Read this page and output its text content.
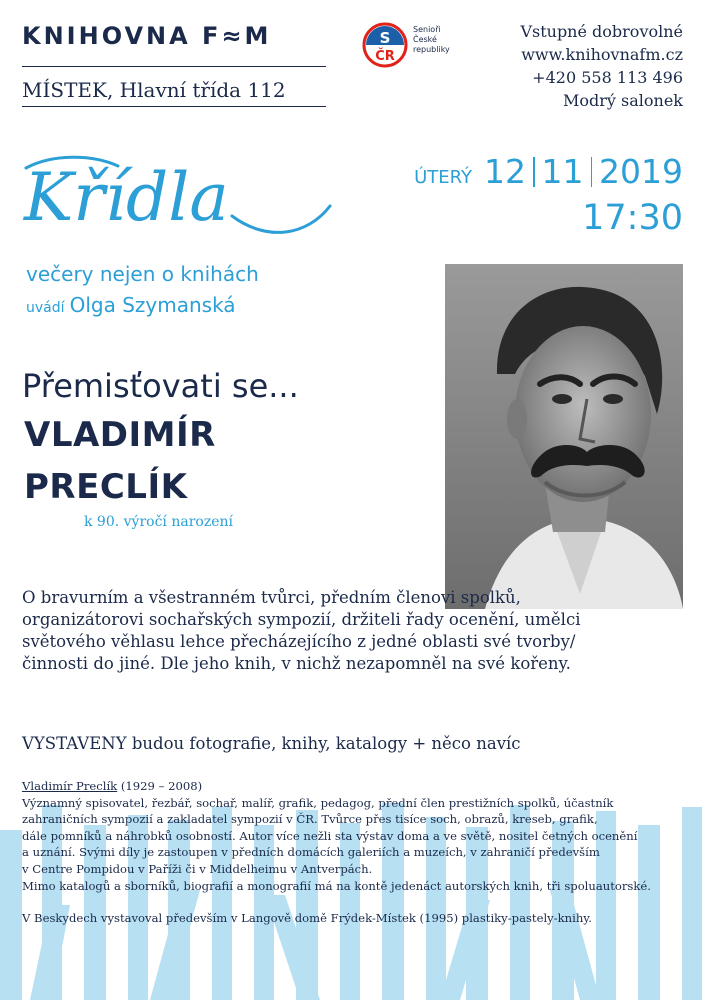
KNIHOVNA F≈M
MÍSTEK, Hlavní třída 112
S
ČR
Senioři
České
republiky
Vstupné dobrovolné
www.knihovnafm.cz
+420 558 113 496
Modrý salonek
Křídla
večery nejen o knihách
uvádí Olga Szymanská
ÚTERÝ 12 11 2019
17:30
Přemisťovati se...
VLADIMÍR
PRECLÍK
k 90. výročí narození
O bravurním a všestranném tvůrci, předním členovi spolků, organizátorovi sochařských sympozií, držiteli řady ocenění, umělci světového věhlasu lehce přecházejícího z jedné oblasti své tvorby/činnosti do jiné. Dle jeho knih, v nichž nezapomněl na své kořeny.
VYSTAVENY budou fotografie, knihy, katalogy + něco navíc

Vladimír Preclík (1929 – 2008)

Významný spisovatel, řezbář, sochař, malíř, grafik, pedagog, přední člen prestižních spolků, účastník

zahraničních sympozií a zakladatel sympozií v ČR. Tvůrce přes tisíce soch, obrazů, kreseb, grafik,

dále pomníků a náhrobků osobností. Autor více nežli sta výstav doma a ve světě, nositel četných ocenění

a uznání. Svými díly je zastoupen v předních domácích galeriích a muzeích, v zahraničí především

v Centre Pompidou v Paříži či v Middelheimu v Antverpách.

Mimo katalogů a sborníků, biografií a monografií má na kontě jedenáct autorských knih, tři spoluautorské.

V Beskydech vystavoval především v Langově domě Frýdek-Místek (1995) plastiky-pastely-knihy.
